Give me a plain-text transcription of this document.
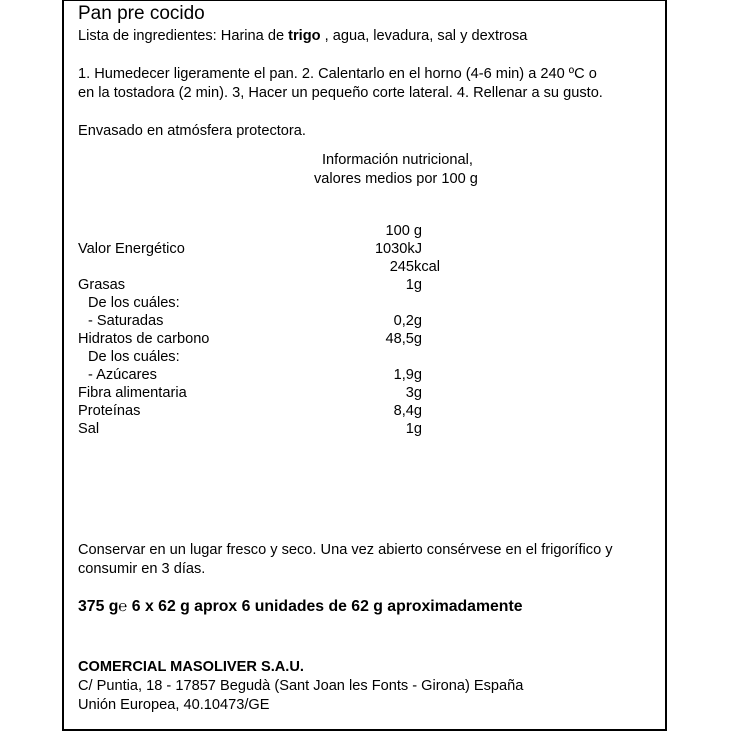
Pan pre cocido
Lista de ingredientes: Harina de trigo , agua, levadura, sal y dextrosa
1. Humedecer ligeramente el pan. 2. Calentarlo en el horno (4-6 min) a 240 ºC o
en la tostadora (2 min). 3, Hacer un pequeño corte lateral. 4. Rellenar a su gusto.
Envasado en atmósfera protectora.
Información nutricional,
valores medios por 100 g
100 g
Valor Energético	1030kJ
245kcal
Grasas	1g
De los cuáles:
- Saturadas	0,2g
Hidratos de carbono	48,5g
De los cuáles:
- Azúcares	1,9g
Fibra alimentaria	3g
Proteínas	8,4g
Sal	1g
Conservar en un lugar fresco y seco. Una vez abierto consérvese en el frigorífico y
consumir en 3 días.
375 g℮ 6 x 62 g aprox 6 unidades de 62 g aproximadamente
COMERCIAL MASOLIVER S.A.U.
C/ Puntia, 18 - 17857 Begudà (Sant Joan les Fonts - Girona) España
Unión Europea, 40.10473/GE
